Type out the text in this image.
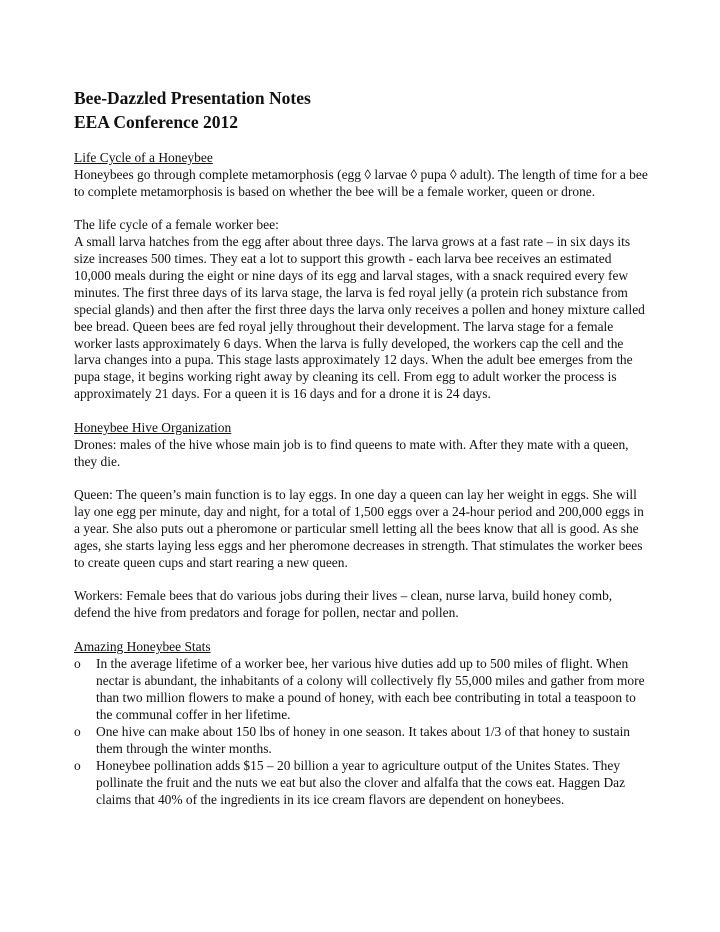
Bee-Dazzled Presentation Notes
EEA Conference 2012

Life Cycle of a Honeybee
Honeybees go through complete metamorphosis (egg ◊ larvae ◊ pupa ◊ adult). The length of time for a bee to complete metamorphosis is based on whether the bee will be a female worker, queen or drone.

The life cycle of a female worker bee:
A small larva hatches from the egg after about three days. The larva grows at a fast rate – in six days its size increases 500 times. They eat a lot to support this growth - each larva bee receives an estimated 10,000 meals during the eight or nine days of its egg and larval stages, with a snack required every few minutes. The first three days of its larva stage, the larva is fed royal jelly (a protein rich substance from special glands) and then after the first three days the larva only receives a pollen and honey mixture called bee bread. Queen bees are fed royal jelly throughout their development. The larva stage for a female worker lasts approximately 6 days. When the larva is fully developed, the workers cap the cell and the larva changes into a pupa. This stage lasts approximately 12 days. When the adult bee emerges from the pupa stage, it begins working right away by cleaning its cell. From egg to adult worker the process is approximately 21 days. For a queen it is 16 days and for a drone it is 24 days.

Honeybee Hive Organization
Drones: males of the hive whose main job is to find queens to mate with. After they mate with a queen, they die.

Queen: The queen’s main function is to lay eggs. In one day a queen can lay her weight in eggs. She will lay one egg per minute, day and night, for a total of 1,500 eggs over a 24-hour period and 200,000 eggs in a year. She also puts out a pheromone or particular smell letting all the bees know that all is good. As she ages, she starts laying less eggs and her pheromone decreases in strength. That stimulates the worker bees to create queen cups and start rearing a new queen.

Workers: Female bees that do various jobs during their lives – clean, nurse larva, build honey comb, defend the hive from predators and forage for pollen, nectar and pollen.

Amazing Honeybee Stats
o	In the average lifetime of a worker bee, her various hive duties add up to 500 miles of flight. When nectar is abundant, the inhabitants of a colony will collectively fly 55,000 miles and gather from more than two million flowers to make a pound of honey, with each bee contributing in total a teaspoon to the communal coffer in her lifetime.
o	One hive can make about 150 lbs of honey in one season. It takes about 1/3 of that honey to sustain them through the winter months.
o	Honeybee pollination adds $15 – 20 billion a year to agriculture output of the Unites States. They pollinate the fruit and the nuts we eat but also the clover and alfalfa that the cows eat. Haggen Daz claims that 40% of the ingredients in its ice cream flavors are dependent on honeybees.
